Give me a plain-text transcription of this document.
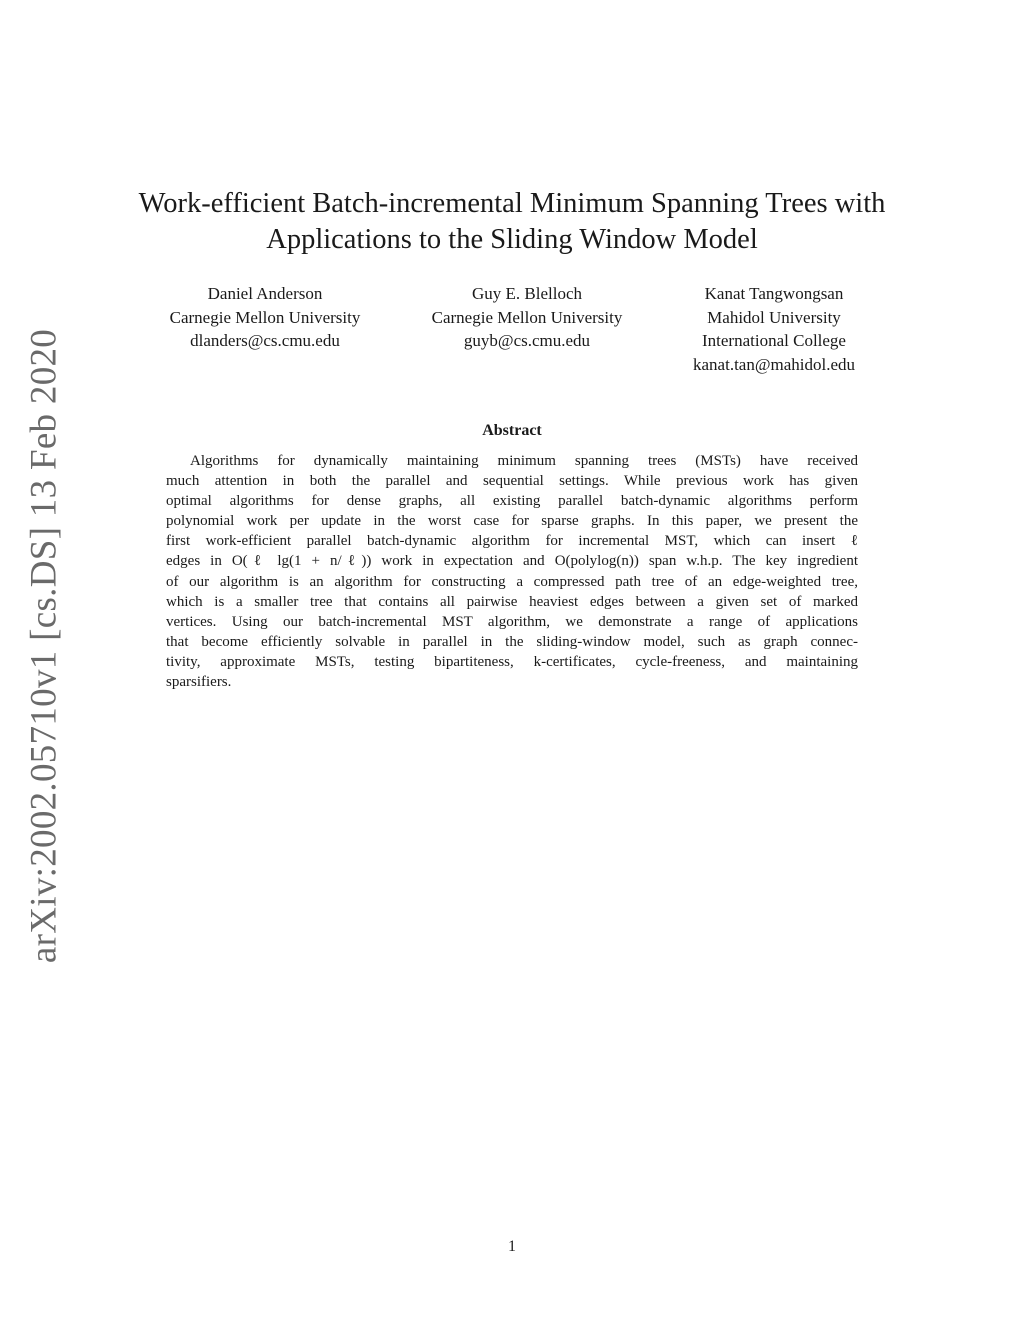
arXiv:2002.05710v1 [cs.DS] 13 Feb 2020
Work-efficient Batch-incremental Minimum Spanning Trees with
Applications to the Sliding Window Model
Daniel Anderson
Carnegie Mellon University
dlanders@cs.cmu.edu
Guy E. Blelloch
Carnegie Mellon University
guyb@cs.cmu.edu
Kanat Tangwongsan
Mahidol University
International College
kanat.tan@mahidol.edu
Abstract
Algorithms for dynamically maintaining minimum spanning trees (MSTs) have received
much attention in both the parallel and sequential settings. While previous work has given
optimal algorithms for dense graphs, all existing parallel batch-dynamic algorithms perform
polynomial work per update in the worst case for sparse graphs. In this paper, we present the
first work-efficient parallel batch-dynamic algorithm for incremental MST, which can insert ℓ
edges in O(ℓ lg(1 + n/ℓ)) work in expectation and O(polylog(n)) span w.h.p. The key ingredient
of our algorithm is an algorithm for constructing a compressed path tree of an edge-weighted tree,
which is a smaller tree that contains all pairwise heaviest edges between a given set of marked
vertices. Using our batch-incremental MST algorithm, we demonstrate a range of applications
that become efficiently solvable in parallel in the sliding-window model, such as graph connec-
tivity, approximate MSTs, testing bipartiteness, k-certificates, cycle-freeness, and maintaining
sparsifiers.
1
